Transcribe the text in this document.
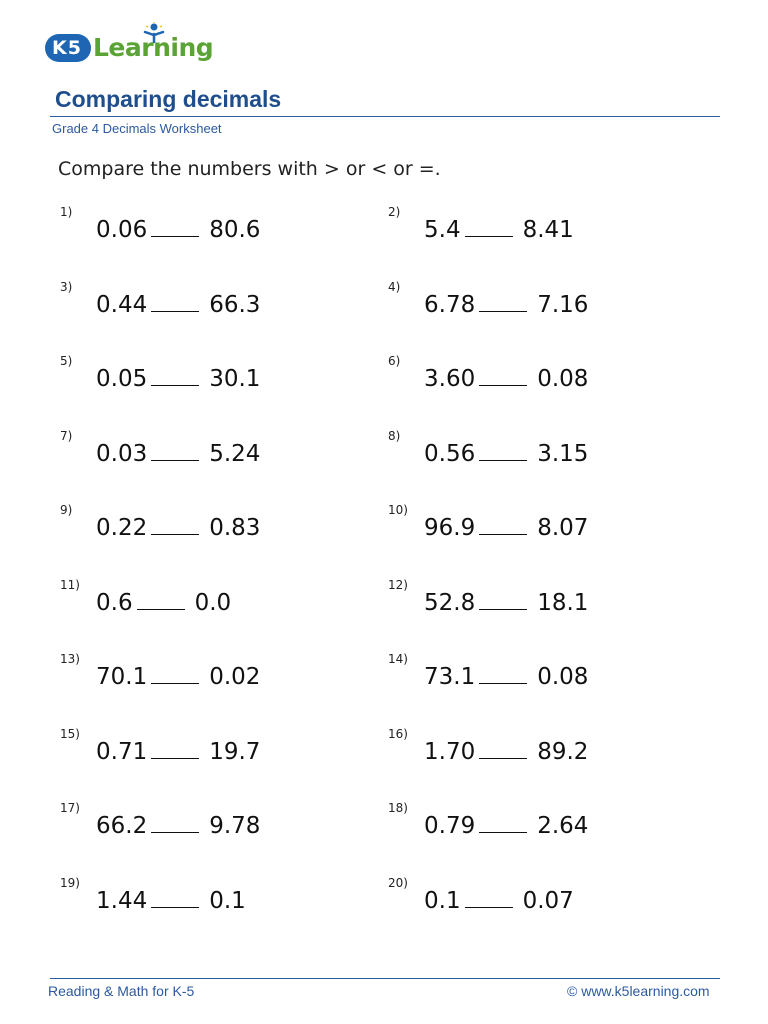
K5 Learning
Comparing decimals
Grade 4 Decimals Worksheet
Compare the numbers with > or < or =.
1)
0.06	80.6
2)
5.4	8.41
3)
0.44	66.3
4)
6.78	7.16
5)
0.05	30.1
6)
3.60	0.08
7)
0.03	5.24
8)
0.56	3.15
9)
0.22	0.83
10)
96.9	8.07
11)
0.6	0.0
12)
52.8	18.1
13)
70.1	0.02
14)
73.1	0.08
15)
0.71	19.7
16)
1.70	89.2
17)
66.2	9.78
18)
0.79	2.64
19)
1.44	0.1
20)
0.1	0.07
Reading & Math for K-5	© www.k5learning.com
